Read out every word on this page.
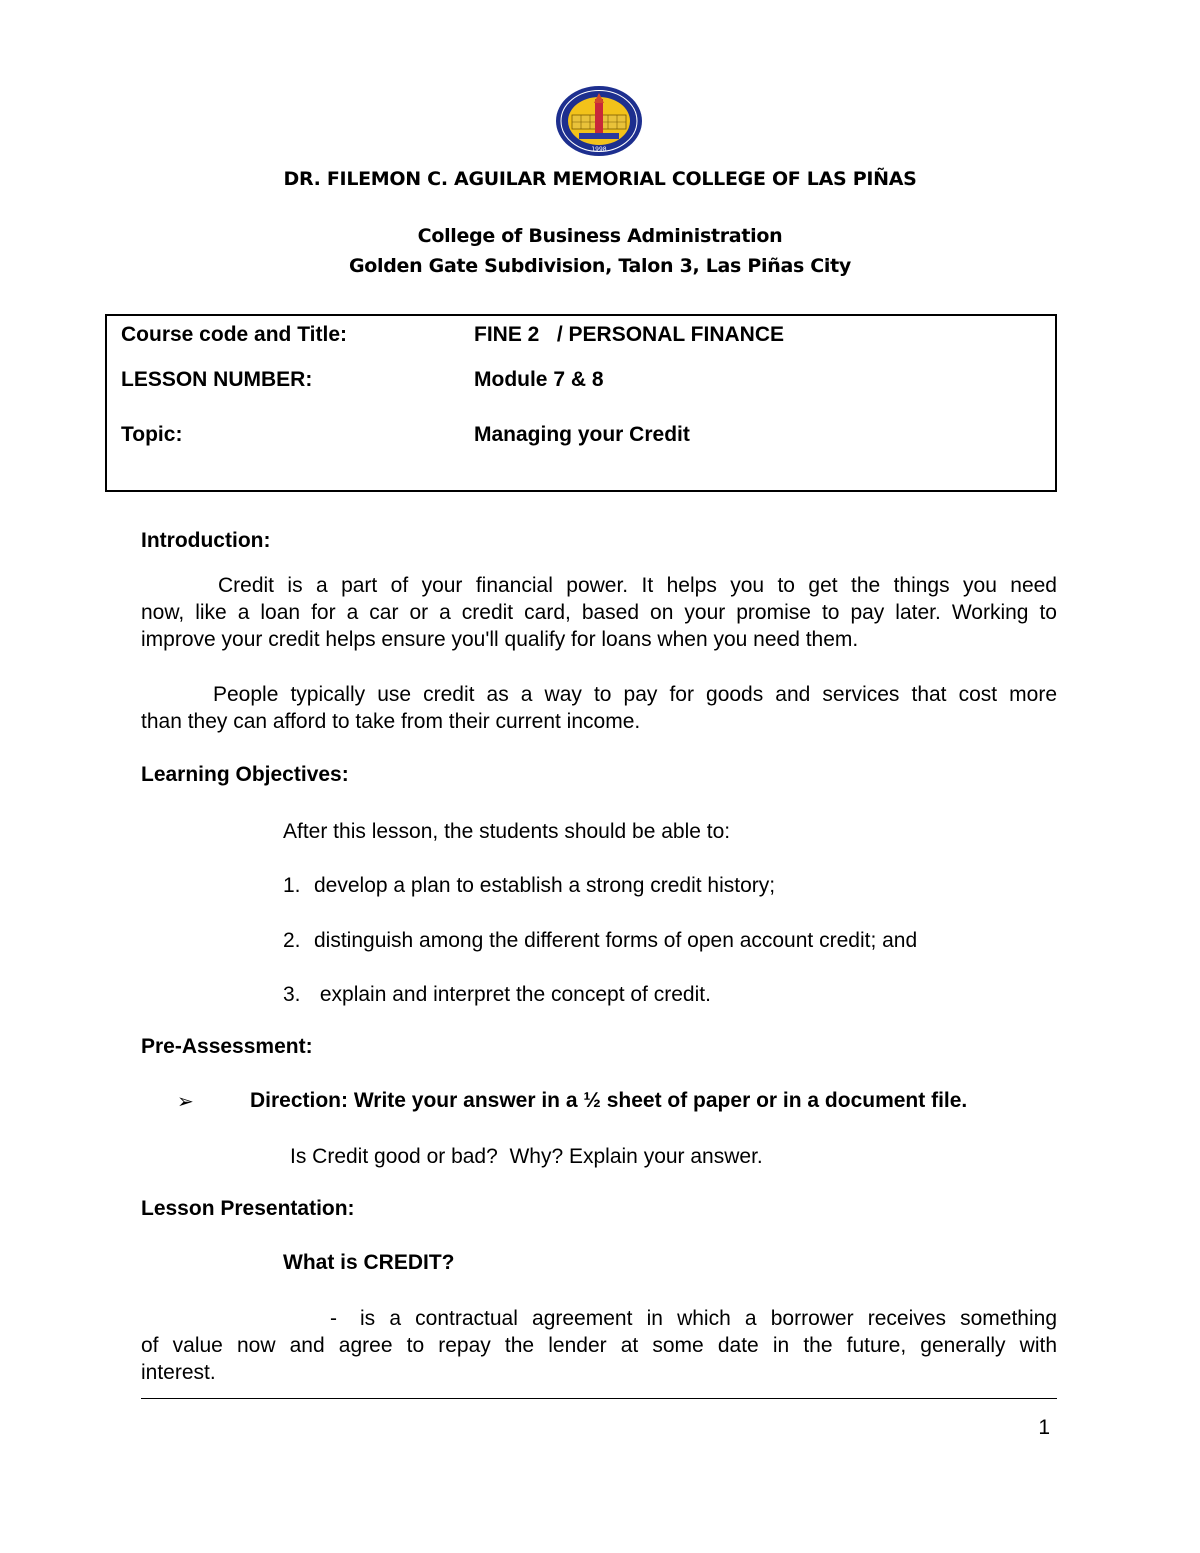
1998
DR. FILEMON C. AGUILAR MEMORIAL COLLEGE OF LAS PIÑAS
College of Business Administration
Golden Gate Subdivision, Talon 3, Las Piñas City
Course code and Title:	FINE 2   / PERSONAL FINANCE
LESSON NUMBER:	Module 7 & 8
Topic:	Managing your Credit
Introduction:
Credit is a part of your financial power. It helps you to get the things you need
now, like a loan for a car or a credit card, based on your promise to pay later. Working to
improve your credit helps ensure you'll qualify for loans when you need them.
People typically use credit as a way to pay for goods and services that cost more
than they can afford to take from their current income.
Learning Objectives:
After this lesson, the students should be able to:
1. develop a plan to establish a strong credit history;
2. distinguish among the different forms of open account credit; and
3. explain and interpret the concept of credit.
Pre-Assessment:
➢	Direction: Write your answer in a ½ sheet of paper or in a document file.
Is Credit good or bad?  Why? Explain your answer.
Lesson Presentation:
What is CREDIT?
- is a contractual agreement in which a borrower receives something
of value now and agree to repay the lender at some date in the future, generally with
interest.
1
